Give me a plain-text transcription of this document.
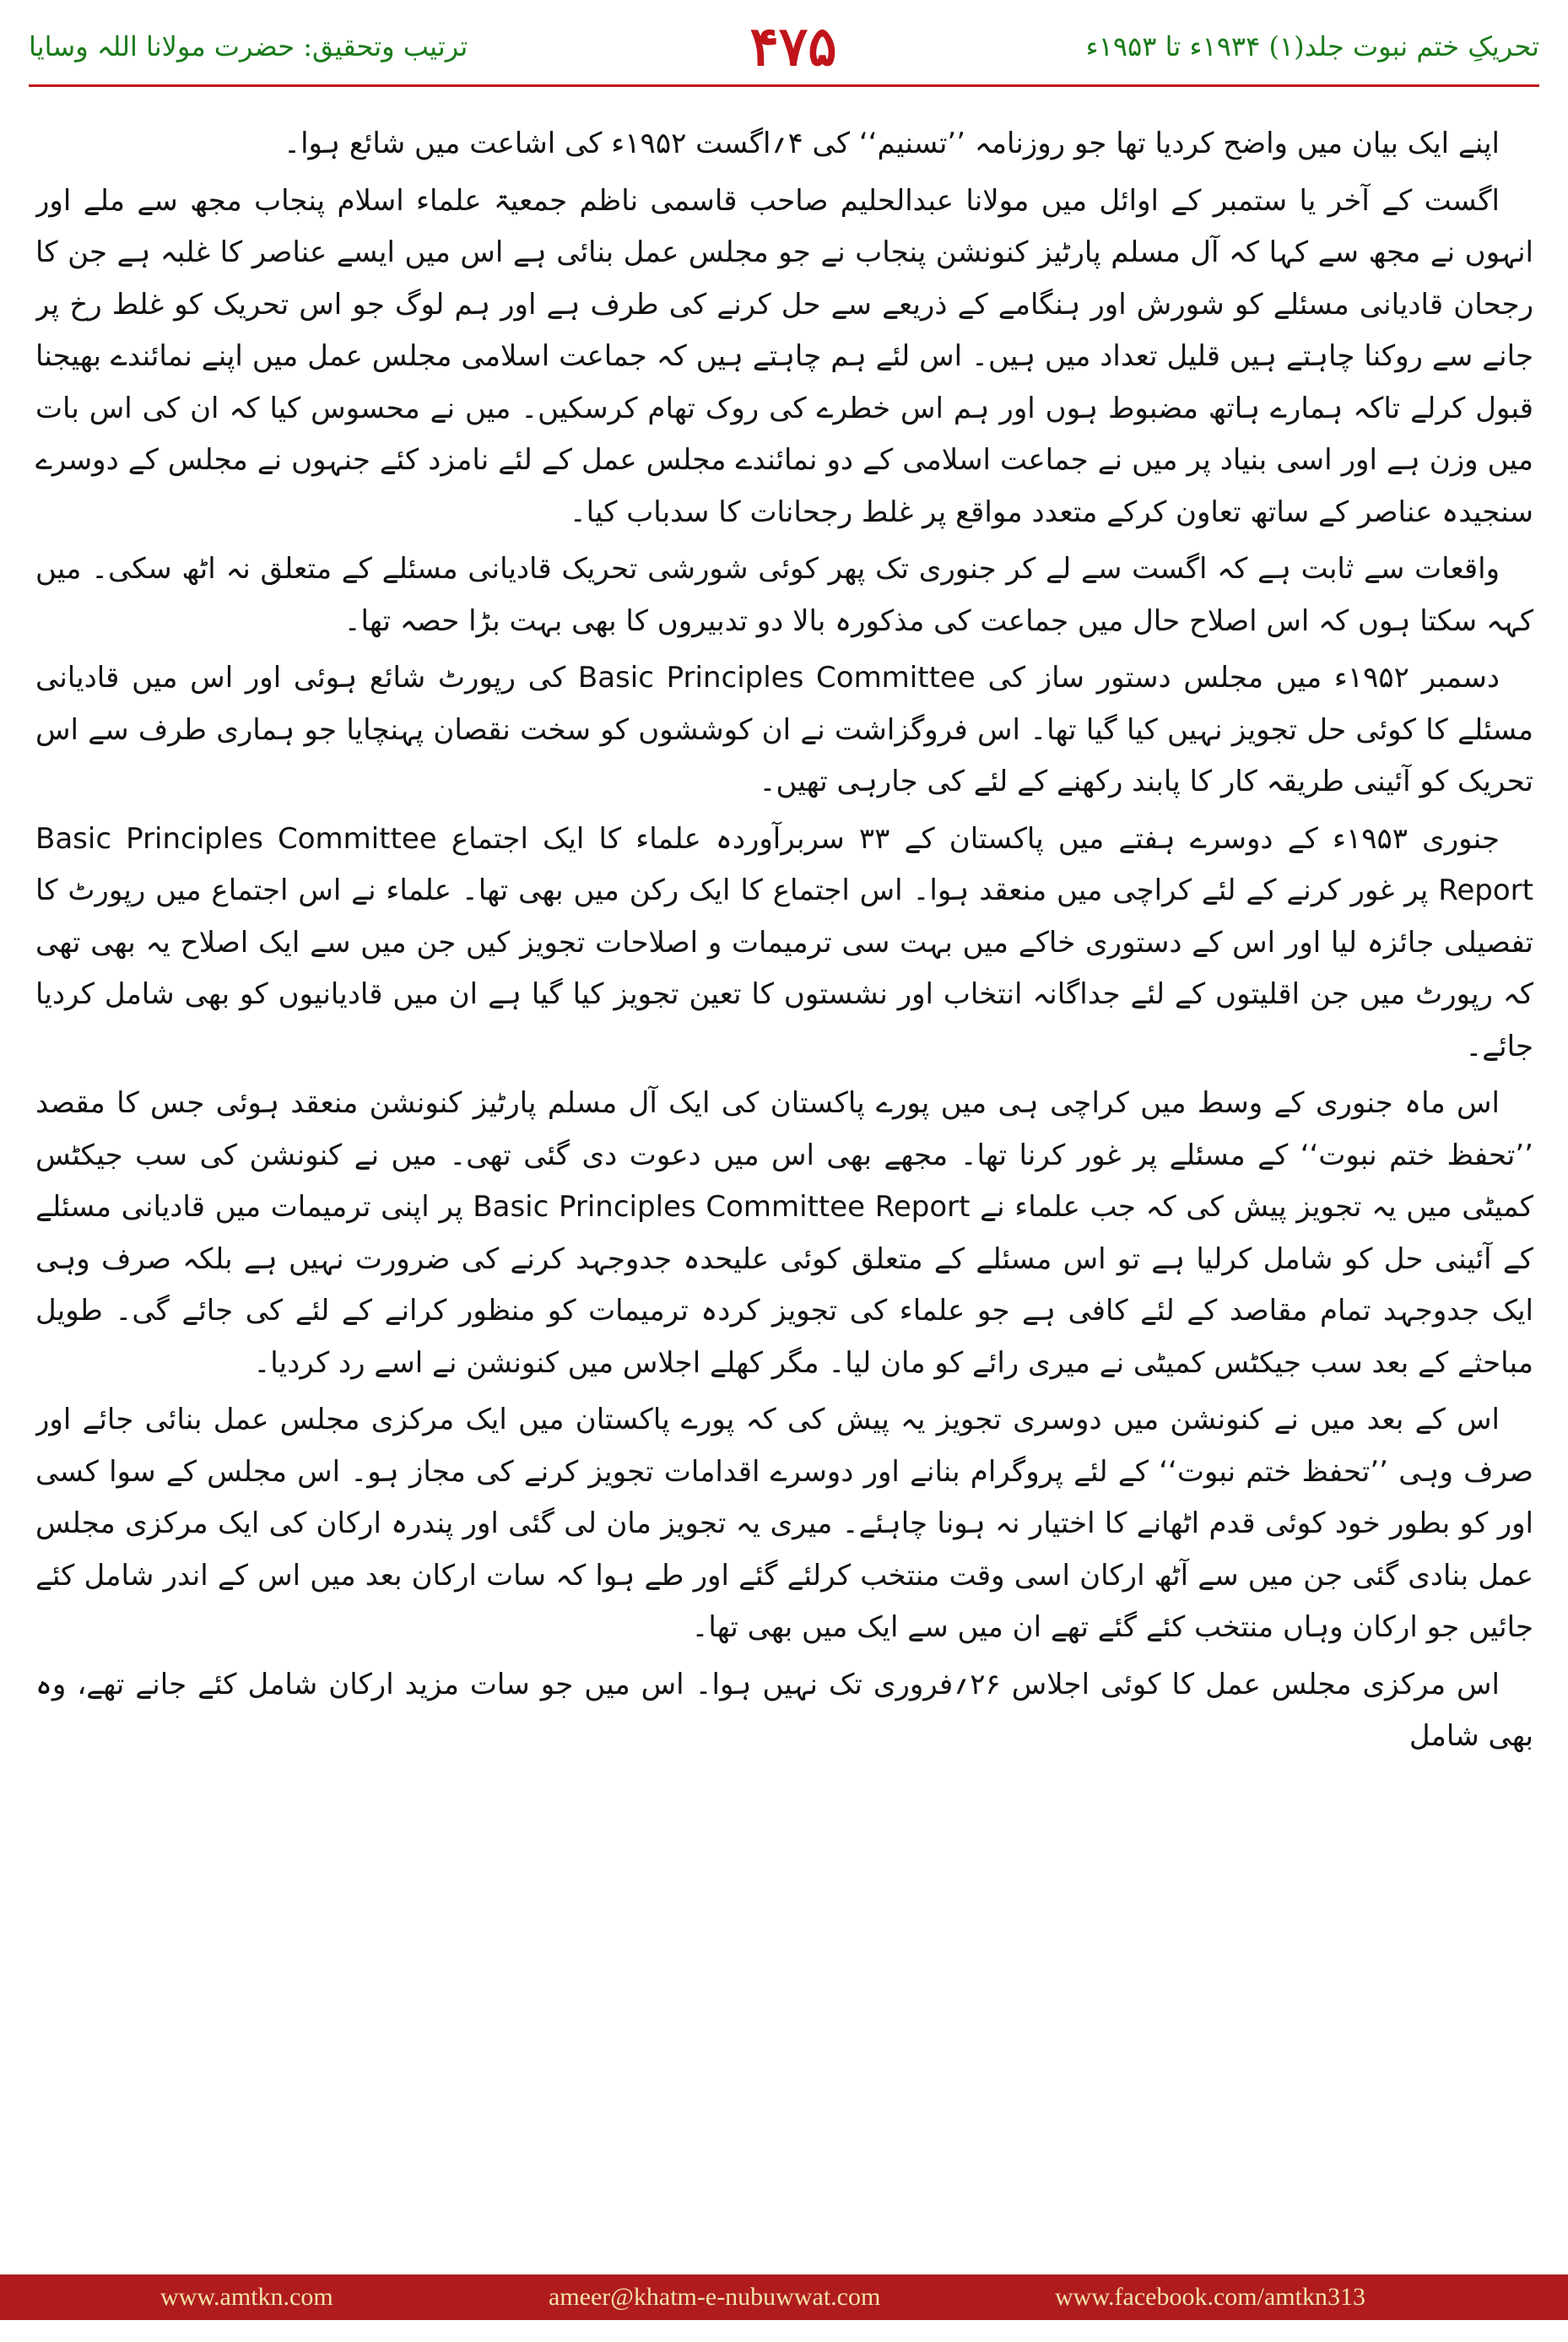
ترتیب وتحقیق: حضرت مولانا اللہ وسایا	۴۷۵	تحریکِ ختم نبوت جلد(۱) ۱۹۳۴ء تا ۱۹۵۳ء

اپنے ایک بیان میں واضح کردیا تھا جو روزنامہ ’’تسنیم‘‘ کی ۴؍اگست ۱۹۵۲ء کی اشاعت میں شائع ہوا۔

اگست کے آخر یا ستمبر کے اوائل میں مولانا عبدالحلیم صاحب قاسمی ناظم جمعیۃ علماء اسلام پنجاب مجھ سے ملے اور انہوں نے مجھ سے کہا کہ آل مسلم پارٹیز کنونشن پنجاب نے جو مجلس عمل بنائی ہے اس میں ایسے عناصر کا غلبہ ہے جن کا رجحان قادیانی مسئلے کو شورش اور ہنگامے کے ذریعے سے حل کرنے کی طرف ہے اور ہم لوگ جو اس تحریک کو غلط رخ پر جانے سے روکنا چاہتے ہیں قلیل تعداد میں ہیں۔ اس لئے ہم چاہتے ہیں کہ جماعت اسلامی مجلس عمل میں اپنے نمائندے بھیجنا قبول کرلے تاکہ ہمارے ہاتھ مضبوط ہوں اور ہم اس خطرے کی روک تھام کرسکیں۔ میں نے محسوس کیا کہ ان کی اس بات میں وزن ہے اور اسی بنیاد پر میں نے جماعت اسلامی کے دو نمائندے مجلس عمل کے لئے نامزد کئے جنہوں نے مجلس کے دوسرے سنجیدہ عناصر کے ساتھ تعاون کرکے متعدد مواقع پر غلط رجحانات کا سدباب کیا۔

واقعات سے ثابت ہے کہ اگست سے لے کر جنوری تک پھر کوئی شورشی تحریک قادیانی مسئلے کے متعلق نہ اٹھ سکی۔ میں کہہ سکتا ہوں کہ اس اصلاح حال میں جماعت کی مذکورہ بالا دو تدبیروں کا بھی بہت بڑا حصہ تھا۔

دسمبر ۱۹۵۲ء میں مجلس دستور ساز کی Basic Principles Committee کی رپورٹ شائع ہوئی اور اس میں قادیانی مسئلے کا کوئی حل تجویز نہیں کیا گیا تھا۔ اس فروگزاشت نے ان کوششوں کو سخت نقصان پہنچایا جو ہماری طرف سے اس تحریک کو آئینی طریقہ کار کا پابند رکھنے کے لئے کی جارہی تھیں۔

جنوری ۱۹۵۳ء کے دوسرے ہفتے میں پاکستان کے ۳۳ سربرآوردہ علماء کا ایک اجتماع Basic Principles Committee Report پر غور کرنے کے لئے کراچی میں منعقد ہوا۔ اس اجتماع کا ایک رکن میں بھی تھا۔ علماء نے اس اجتماع میں رپورٹ کا تفصیلی جائزہ لیا اور اس کے دستوری خاکے میں بہت سی ترمیمات و اصلاحات تجویز کیں جن میں سے ایک اصلاح یہ بھی تھی کہ رپورٹ میں جن اقلیتوں کے لئے جداگانہ انتخاب اور نشستوں کا تعین تجویز کیا گیا ہے ان میں قادیانیوں کو بھی شامل کردیا جائے۔

اس ماہ جنوری کے وسط میں کراچی ہی میں پورے پاکستان کی ایک آل مسلم پارٹیز کنونشن منعقد ہوئی جس کا مقصد ’’تحفظ ختم نبوت‘‘ کے مسئلے پر غور کرنا تھا۔ مجھے بھی اس میں دعوت دی گئی تھی۔ میں نے کنونشن کی سب جیکٹس کمیٹی میں یہ تجویز پیش کی کہ جب علماء نے Basic Principles Committee Report پر اپنی ترمیمات میں قادیانی مسئلے کے آئینی حل کو شامل کرلیا ہے تو اس مسئلے کے متعلق کوئی علیحدہ جدوجہد کرنے کی ضرورت نہیں ہے بلکہ صرف وہی ایک جدوجہد تمام مقاصد کے لئے کافی ہے جو علماء کی تجویز کردہ ترمیمات کو منظور کرانے کے لئے کی جائے گی۔ طویل مباحثے کے بعد سب جیکٹس کمیٹی نے میری رائے کو مان لیا۔ مگر کھلے اجلاس میں کنونشن نے اسے رد کردیا۔

اس کے بعد میں نے کنونشن میں دوسری تجویز یہ پیش کی کہ پورے پاکستان میں ایک مرکزی مجلس عمل بنائی جائے اور صرف وہی ’’تحفظ ختم نبوت‘‘ کے لئے پروگرام بنانے اور دوسرے اقدامات تجویز کرنے کی مجاز ہو۔ اس مجلس کے سوا کسی اور کو بطور خود کوئی قدم اٹھانے کا اختیار نہ ہونا چاہئے۔ میری یہ تجویز مان لی گئی اور پندرہ ارکان کی ایک مرکزی مجلس عمل بنادی گئی جن میں سے آٹھ ارکان اسی وقت منتخب کرلئے گئے اور طے ہوا کہ سات ارکان بعد میں اس کے اندر شامل کئے جائیں جو ارکان وہاں منتخب کئے گئے تھے ان میں سے ایک میں بھی تھا۔

اس مرکزی مجلس عمل کا کوئی اجلاس ۲۶؍فروری تک نہیں ہوا۔ اس میں جو سات مزید ارکان شامل کئے جانے تھے، وہ بھی شامل

www.amtkn.com	ameer@khatm-e-nubuwwat.com	www.facebook.com/amtkn313
